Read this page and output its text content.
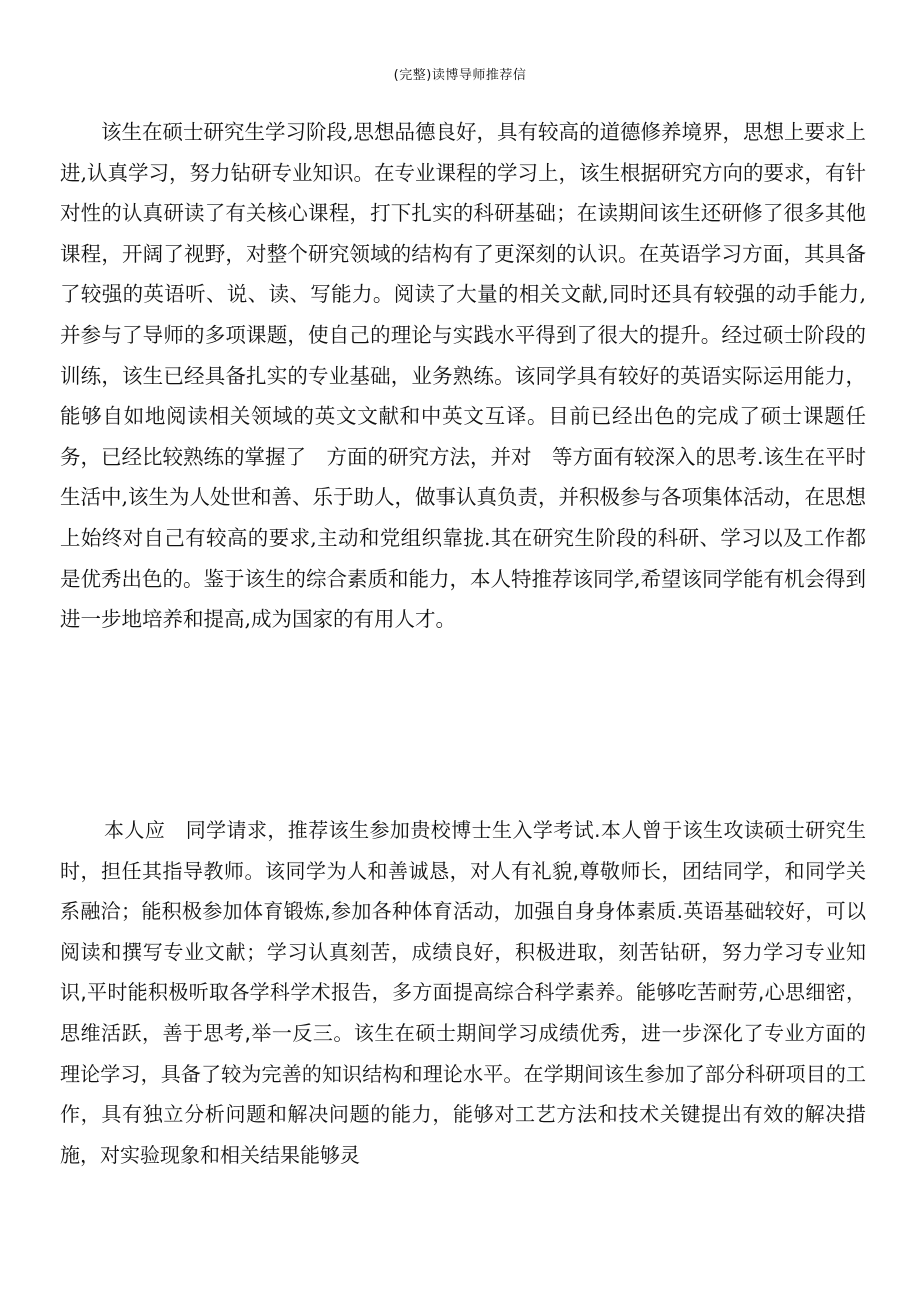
(完整)读博导师推荐信

该生在硕士研究生学习阶段,思想品德良好，具有较高的道德修养境界，思想上要求上进,认真学习，努力钻研专业知识。在专业课程的学习上，该生根据研究方向的要求，有针对性的认真研读了有关核心课程，打下扎实的科研基础；在读期间该生还研修了很多其他课程，开阔了视野，对整个研究领域的结构有了更深刻的认识。在英语学习方面，其具备了较强的英语听、说、读、写能力。阅读了大量的相关文献,同时还具有较强的动手能力,并参与了导师的多项课题，使自己的理论与实践水平得到了很大的提升。经过硕士阶段的训练，该生已经具备扎实的专业基础，业务熟练。该同学具有较好的英语实际运用能力，能够自如地阅读相关领域的英文文献和中英文互译。目前已经出色的完成了硕士课题任务，已经比较熟练的掌握了　方面的研究方法，并对　等方面有较深入的思考.该生在平时生活中,该生为人处世和善、乐于助人，做事认真负责，并积极参与各项集体活动，在思想上始终对自己有较高的要求,主动和党组织靠拢.其在研究生阶段的科研、学习以及工作都是优秀出色的。鉴于该生的综合素质和能力，本人特推荐该同学,希望该同学能有机会得到进一步地培养和提高,成为国家的有用人才。

本人应　同学请求，推荐该生参加贵校博士生入学考试.本人曾于该生攻读硕士研究生时，担任其指导教师。该同学为人和善诚恳，对人有礼貌,尊敬师长，团结同学，和同学关系融洽；能积极参加体育锻炼,参加各种体育活动，加强自身身体素质.英语基础较好，可以阅读和撰写专业文献；学习认真刻苦，成绩良好，积极进取，刻苦钻研，努力学习专业知识,平时能积极听取各学科学术报告，多方面提高综合科学素养。能够吃苦耐劳,心思细密，思维活跃，善于思考,举一反三。该生在硕士期间学习成绩优秀，进一步深化了专业方面的理论学习，具备了较为完善的知识结构和理论水平。在学期间该生参加了部分科研项目的工作，具有独立分析问题和解决问题的能力，能够对工艺方法和技术关键提出有效的解决措施，对实验现象和相关结果能够灵
